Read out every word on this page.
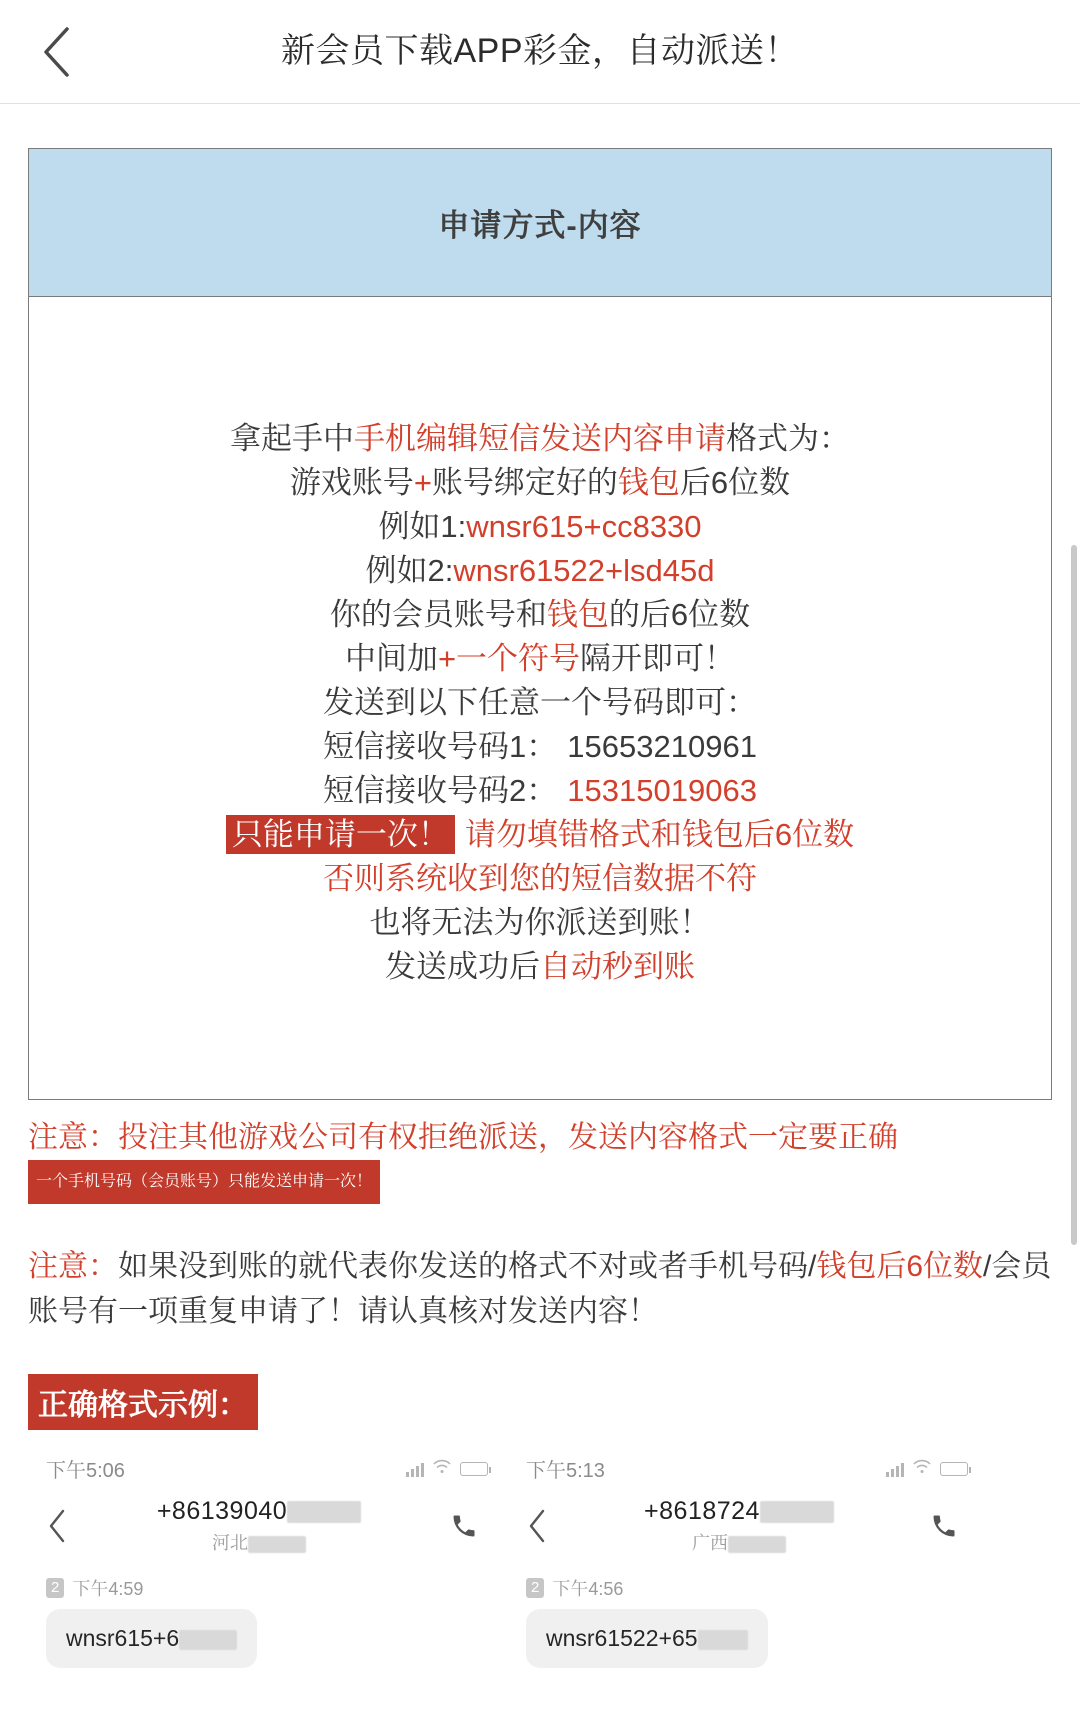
新会员下载APP彩金，自动派送！
申请方式-内容
拿起手中手机编辑短信发送内容申请格式为：
游戏账号+账号绑定好的钱包后6位数
例如1:wnsr615+cc8330
例如2:wnsr61522+lsd45d
你的会员账号和钱包的后6位数
中间加+一个符号隔开即可！
发送到以下任意一个号码即可：
短信接收号码1： 15653210961
短信接收号码2： 15315019063
只能申请一次！ 请勿填错格式和钱包后6位数
否则系统收到您的短信数据不符
也将无法为你派送到账！
发送成功后自动秒到账
注意：投注其他游戏公司有权拒绝派送，发送内容格式一定要正确
一个手机号码（会员账号）只能发送申请一次！
注意：如果没到账的就代表你发送的格式不对或者手机号码/钱包后6位数/会员账号有一项重复申请了！请认真核对发送内容！
正确格式示例：
下午5:06
+86139040
河北
2 下午4:59
wnsr615+6
下午5:13
+8618724
广西
2 下午4:56
wnsr61522+65
